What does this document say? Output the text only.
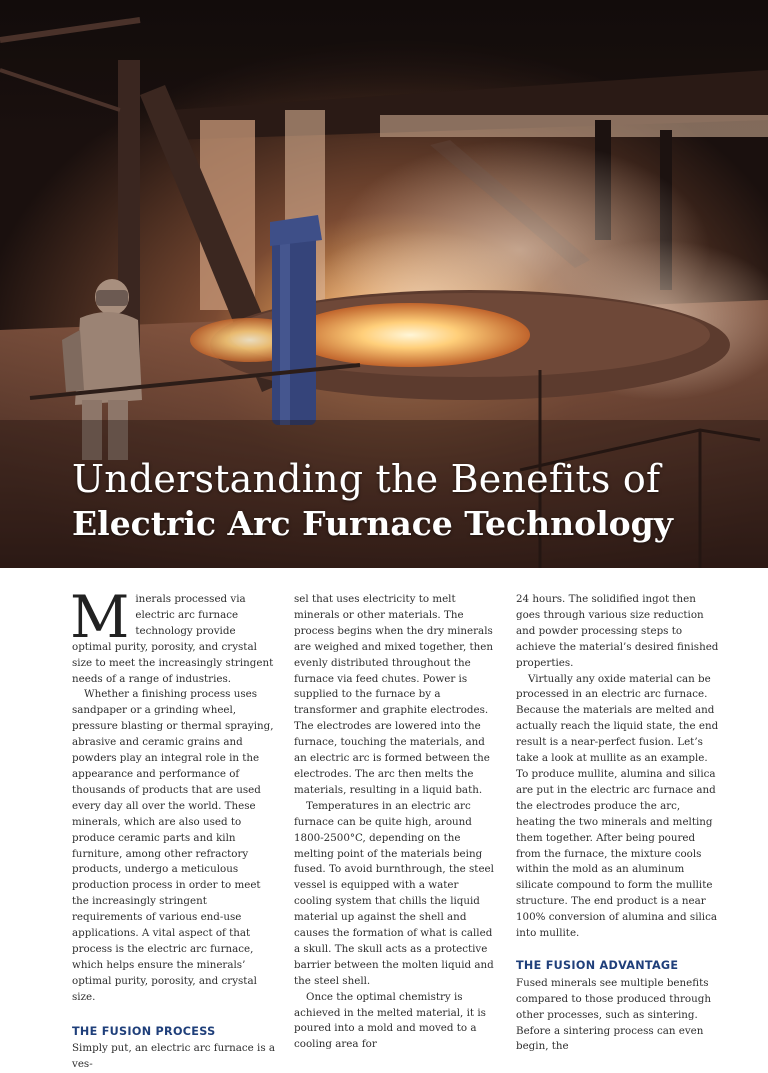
Understanding the Benefits of
Electric Arc Furnace Technology

Minerals processed via electric arc furnace technology provide optimal purity, porosity, and crystal size to meet the increasingly stringent needs of a range of industries.

Whether a finishing process uses sandpaper or a grinding wheel, pressure blasting or thermal spraying, abrasive and ceramic grains and powders play an integral role in the appearance and performance of thousands of products that are used every day all over the world. These minerals, which are also used to produce ceramic parts and kiln furniture, among other refractory products, undergo a meticulous production process in order to meet the increasingly stringent requirements of various end-use applications. A vital aspect of that process is the electric arc furnace, which helps ensure the minerals’ optimal purity, porosity, and crystal size.

THE FUSION PROCESS

Simply put, an electric arc furnace is a ves-

sel that uses electricity to melt minerals or other materials. The process begins when the dry minerals are weighed and mixed together, then evenly distributed throughout the furnace via feed chutes. Power is supplied to the furnace by a transformer and graphite electrodes. The electrodes are lowered into the furnace, touching the materials, and an electric arc is formed between the electrodes. The arc then melts the materials, resulting in a liquid bath.

Temperatures in an electric arc furnace can be quite high, around 1800-2500°C, depending on the melting point of the materials being fused. To avoid burnthrough, the steel vessel is equipped with a water cooling system that chills the liquid material up against the shell and causes the formation of what is called a skull. The skull acts as a protective barrier between the molten liquid and the steel shell.

Once the optimal chemistry is achieved in the melted material, it is poured into a mold and moved to a cooling area for

24 hours. The solidified ingot then goes through various size reduction and powder processing steps to achieve the material’s desired finished properties.

Virtually any oxide material can be processed in an electric arc furnace. Because the materials are melted and actually reach the liquid state, the end result is a near-perfect fusion. Let’s take a look at mullite as an example. To produce mullite, alumina and silica are put in the electric arc furnace and the electrodes produce the arc, heating the two minerals and melting them together. After being poured from the furnace, the mixture cools within the mold as an aluminum silicate compound to form the mullite structure. The end product is a near 100% conversion of alumina and silica into mullite.

THE FUSION ADVANTAGE

Fused minerals see multiple benefits compared to those produced through other processes, such as sintering. Before a sintering process can even begin, the
